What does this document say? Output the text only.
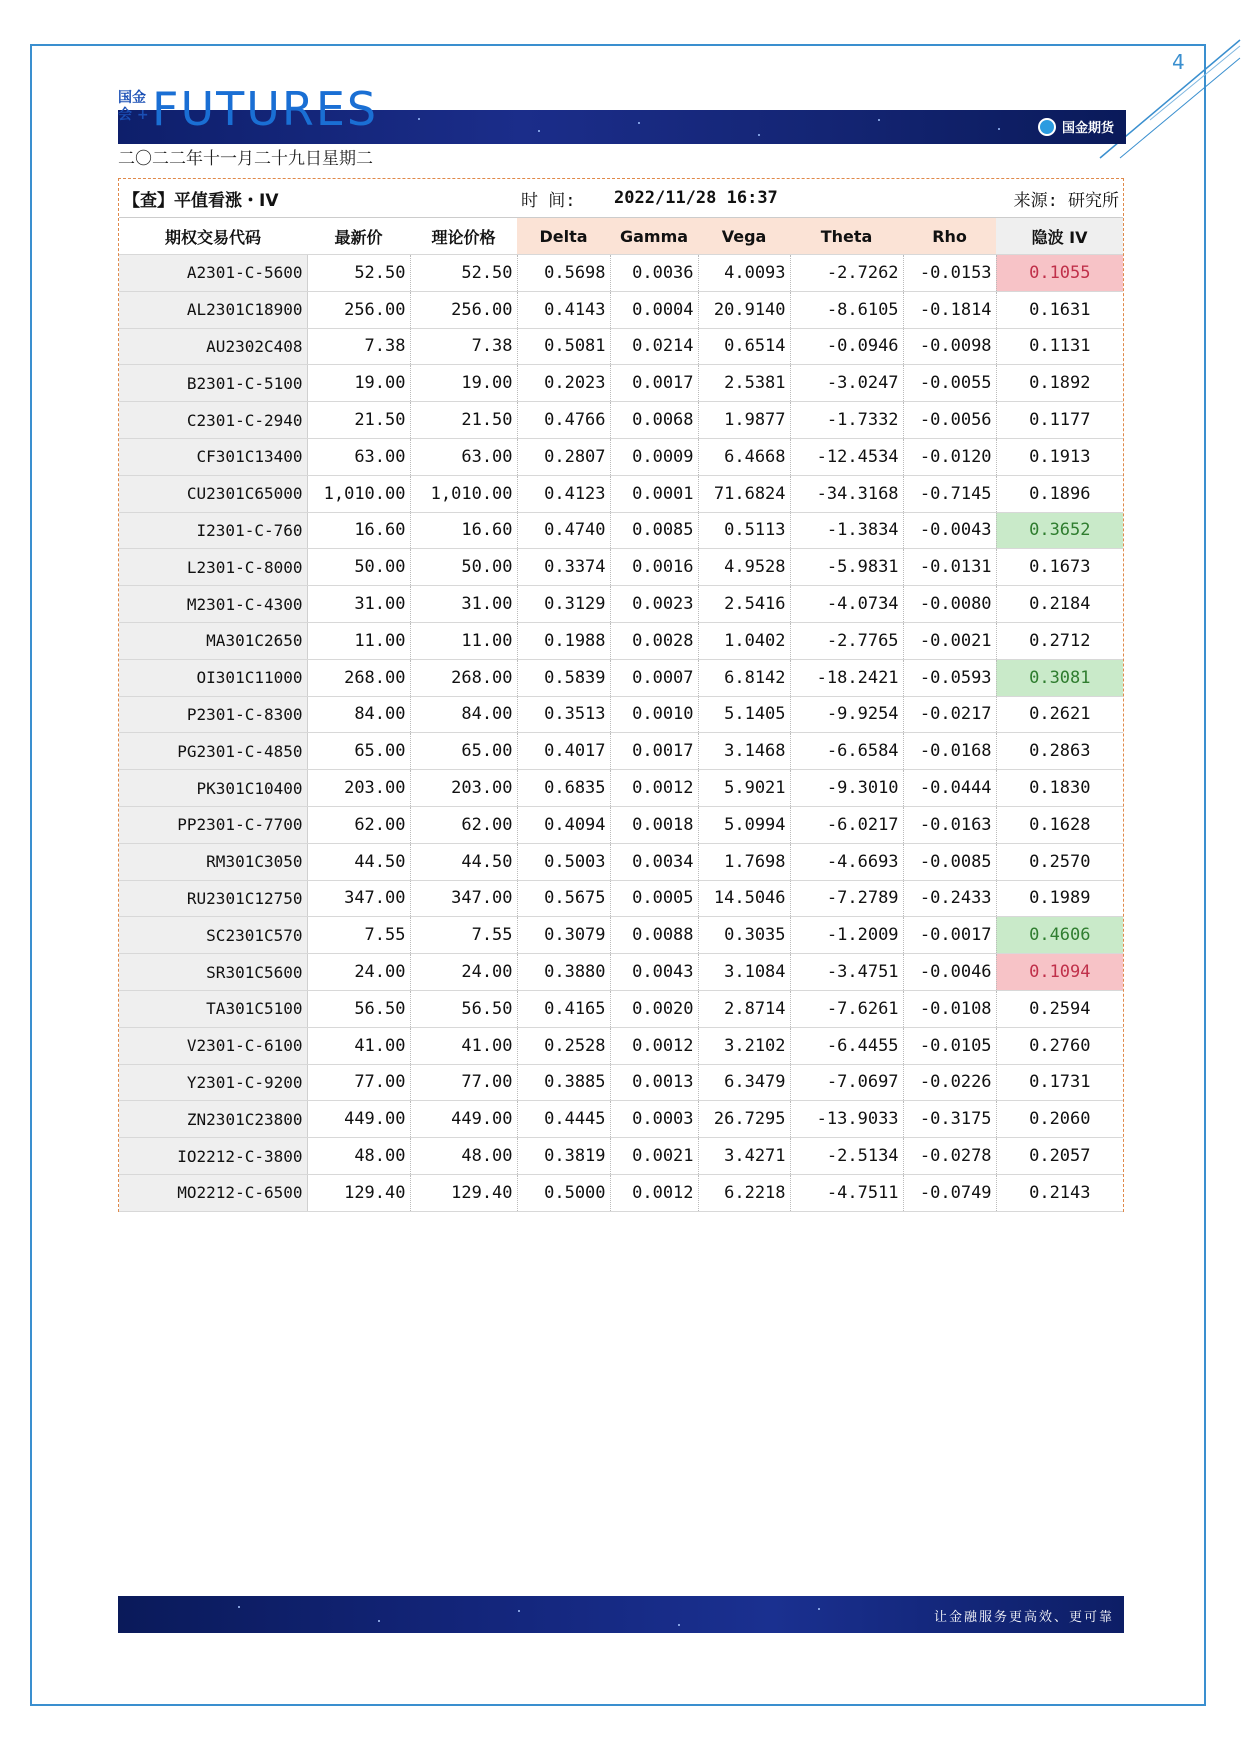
4
国金期货
国金
会 + FUTURES
二〇二二年十一月二十九日星期二
【查】平值看涨・IV			时 间:	2022/11/28 16:37			来源: 研究所	
期权交易代码	最新价	理论价格	Delta	Gamma	Vega	Theta	Rho	隐波 IV
A2301-C-5600	52.50	52.50	0.5698	0.0036	4.0093	-2.7262	-0.0153	0.1055
AL2301C18900	256.00	256.00	0.4143	0.0004	20.9140	-8.6105	-0.1814	0.1631
AU2302C408	7.38	7.38	0.5081	0.0214	0.6514	-0.0946	-0.0098	0.1131
B2301-C-5100	19.00	19.00	0.2023	0.0017	2.5381	-3.0247	-0.0055	0.1892
C2301-C-2940	21.50	21.50	0.4766	0.0068	1.9877	-1.7332	-0.0056	0.1177
CF301C13400	63.00	63.00	0.2807	0.0009	6.4668	-12.4534	-0.0120	0.1913
CU2301C65000	1,010.00	1,010.00	0.4123	0.0001	71.6824	-34.3168	-0.7145	0.1896
I2301-C-760	16.60	16.60	0.4740	0.0085	0.5113	-1.3834	-0.0043	0.3652
L2301-C-8000	50.00	50.00	0.3374	0.0016	4.9528	-5.9831	-0.0131	0.1673
M2301-C-4300	31.00	31.00	0.3129	0.0023	2.5416	-4.0734	-0.0080	0.2184
MA301C2650	11.00	11.00	0.1988	0.0028	1.0402	-2.7765	-0.0021	0.2712
OI301C11000	268.00	268.00	0.5839	0.0007	6.8142	-18.2421	-0.0593	0.3081
P2301-C-8300	84.00	84.00	0.3513	0.0010	5.1405	-9.9254	-0.0217	0.2621
PG2301-C-4850	65.00	65.00	0.4017	0.0017	3.1468	-6.6584	-0.0168	0.2863
PK301C10400	203.00	203.00	0.6835	0.0012	5.9021	-9.3010	-0.0444	0.1830
PP2301-C-7700	62.00	62.00	0.4094	0.0018	5.0994	-6.0217	-0.0163	0.1628
RM301C3050	44.50	44.50	0.5003	0.0034	1.7698	-4.6693	-0.0085	0.2570
RU2301C12750	347.00	347.00	0.5675	0.0005	14.5046	-7.2789	-0.2433	0.1989
SC2301C570	7.55	7.55	0.3079	0.0088	0.3035	-1.2009	-0.0017	0.4606
SR301C5600	24.00	24.00	0.3880	0.0043	3.1084	-3.4751	-0.0046	0.1094
TA301C5100	56.50	56.50	0.4165	0.0020	2.8714	-7.6261	-0.0108	0.2594
V2301-C-6100	41.00	41.00	0.2528	0.0012	3.2102	-6.4455	-0.0105	0.2760
Y2301-C-9200	77.00	77.00	0.3885	0.0013	6.3479	-7.0697	-0.0226	0.1731
ZN2301C23800	449.00	449.00	0.4445	0.0003	26.7295	-13.9033	-0.3175	0.2060
IO2212-C-3800	48.00	48.00	0.3819	0.0021	3.4271	-2.5134	-0.0278	0.2057
MO2212-C-6500	129.40	129.40	0.5000	0.0012	6.2218	-4.7511	-0.0749	0.2143
让金融服务更高效、更可靠
